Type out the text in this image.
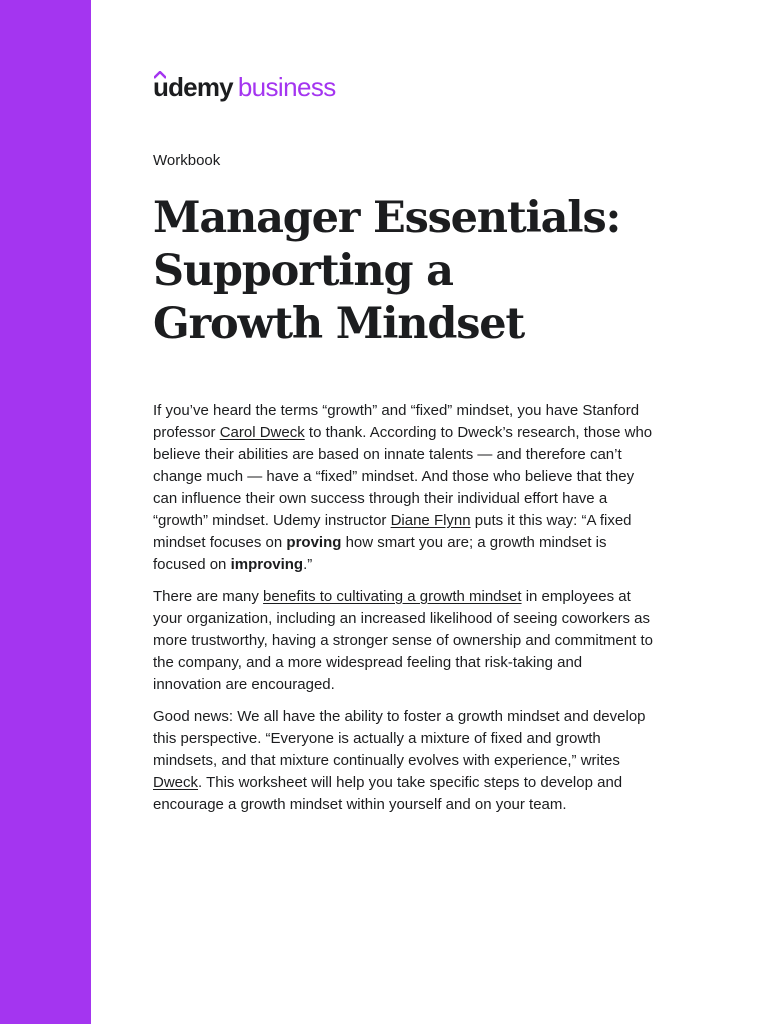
udemy business
Workbook
Manager Essentials:
Supporting a
Growth Mindset

If you’ve heard the terms “growth” and “fixed” mindset, you have Stanford professor Carol Dweck to thank. According to Dweck’s research, those who believe their abilities are based on innate talents — and therefore can’t change much — have a “fixed” mindset. And those who believe that they can influence their own success through their individual effort have a “growth” mindset. Udemy instructor Diane Flynn puts it this way: “A fixed mindset focuses on proving how smart you are; a growth mindset is focused on improving.”

There are many benefits to cultivating a growth mindset in employees at your organization, including an increased likelihood of seeing coworkers as more trustworthy, having a stronger sense of ownership and commitment to the company, and a more widespread feeling that risk-taking and innovation are encouraged.

Good news: We all have the ability to foster a growth mindset and develop this perspective. “Everyone is actually a mixture of fixed and growth mindsets, and that mixture continually evolves with experience,” writes Dweck. This worksheet will help you take specific steps to develop and encourage a growth mindset within yourself and on your team.
